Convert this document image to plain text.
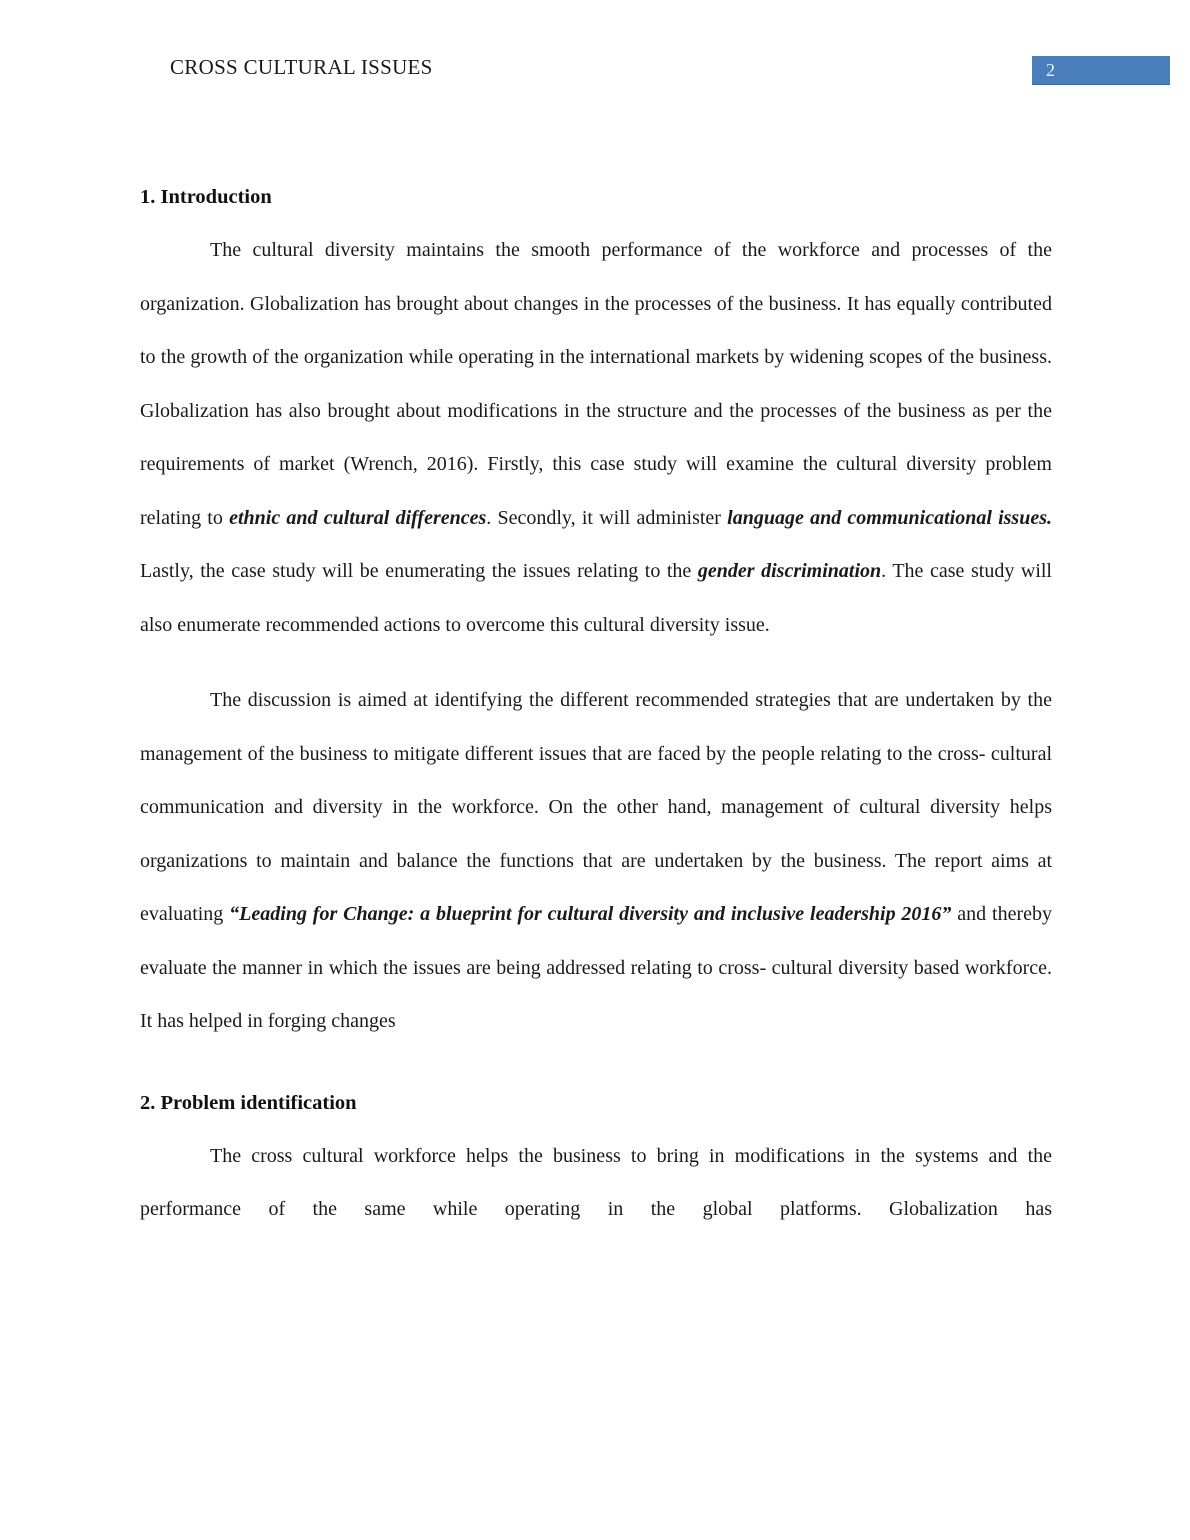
CROSS CULTURAL ISSUES	2
1. Introduction

The cultural diversity maintains the smooth performance of the workforce and processes of the organization. Globalization has brought about changes in the processes of the business. It has equally contributed to the growth of the organization while operating in the international markets by widening scopes of the business. Globalization has also brought about modifications in the structure and the processes of the business as per the requirements of market (Wrench, 2016). Firstly, this case study will examine the cultural diversity problem relating to ethnic and cultural differences. Secondly, it will administer language and communicational issues. Lastly, the case study will be enumerating the issues relating to the gender discrimination. The case study will also enumerate recommended actions to overcome this cultural diversity issue.

The discussion is aimed at identifying the different recommended strategies that are undertaken by the management of the business to mitigate different issues that are faced by the people relating to the cross- cultural communication and diversity in the workforce. On the other hand, management of cultural diversity helps organizations to maintain and balance the functions that are undertaken by the business. The report aims at evaluating “Leading for Change: a blueprint for cultural diversity and inclusive leadership 2016” and thereby evaluate the manner in which the issues are being addressed relating to cross- cultural diversity based workforce. It has helped in forging changes

2. Problem identification

The cross cultural workforce helps the business to bring in modifications in the systems and the performance of the same while operating in the global platforms. Globalization has
